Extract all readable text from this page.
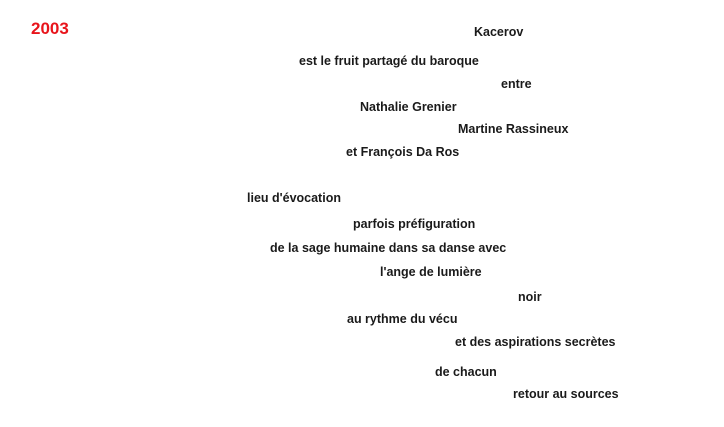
2003	Kacerov
est le fruit partagé du baroque
entre
Nathalie Grenier
Martine Rassineux
et François Da Ros
lieu d'évocation
parfois préfiguration
de la sage humaine dans sa danse avec
l'ange de lumière
noir
au rythme du vécu
et des aspirations secrètes
de chacun
retour au sources
